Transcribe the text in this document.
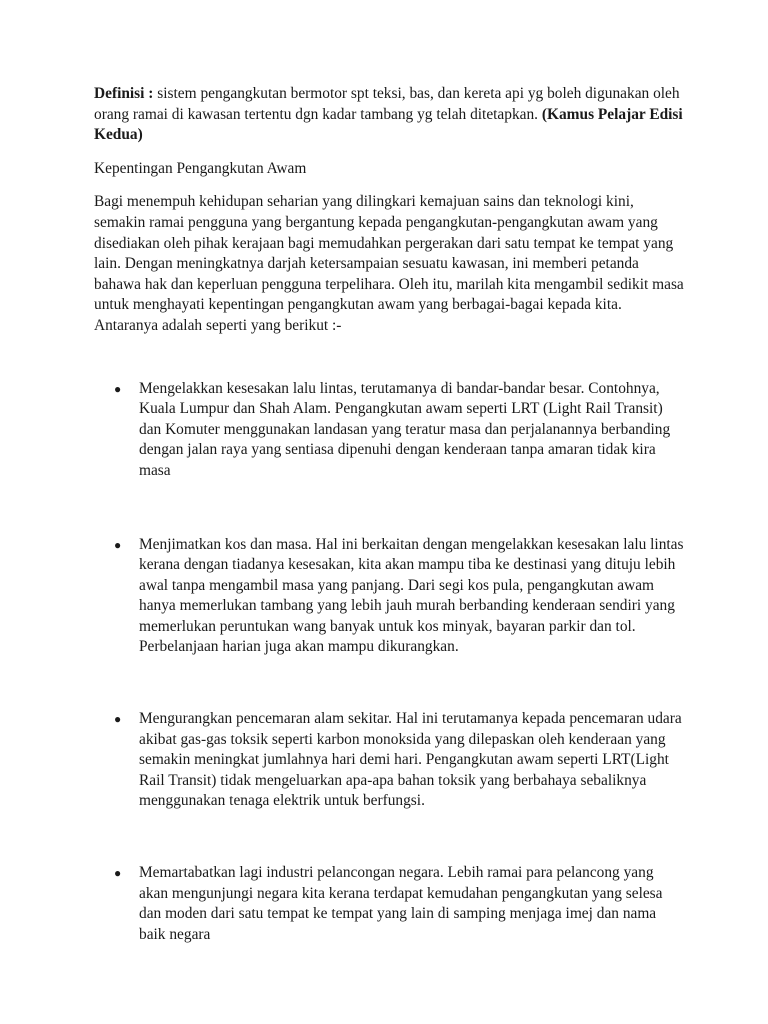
Definisi : sistem pengangkutan bermotor spt teksi, bas, dan kereta api yg boleh digunakan oleh orang ramai di kawasan tertentu dgn kadar tambang yg telah ditetapkan. (Kamus Pelajar Edisi Kedua)

Kepentingan Pengangkutan Awam

Bagi menempuh kehidupan seharian yang dilingkari kemajuan sains dan teknologi kini, semakin ramai pengguna yang bergantung kepada pengangkutan-pengangkutan awam yang disediakan oleh pihak kerajaan bagi memudahkan pergerakan dari satu tempat ke tempat yang lain. Dengan meningkatnya darjah ketersampaian sesuatu kawasan, ini memberi petanda bahawa hak dan keperluan pengguna terpelihara. Oleh itu, marilah kita mengambil sedikit masa untuk menghayati kepentingan pengangkutan awam yang berbagai-bagai kepada kita. Antaranya adalah seperti yang berikut :-

● Mengelakkan kesesakan lalu lintas, terutamanya di bandar-bandar besar. Contohnya, Kuala Lumpur dan Shah Alam. Pengangkutan awam seperti LRT (Light Rail Transit) dan Komuter menggunakan landasan yang teratur masa dan perjalanannya berbanding dengan jalan raya yang sentiasa dipenuhi dengan kenderaan tanpa amaran tidak kira masa
● Menjimatkan kos dan masa. Hal ini berkaitan dengan mengelakkan kesesakan lalu lintas kerana dengan tiadanya kesesakan, kita akan mampu tiba ke destinasi yang dituju lebih awal tanpa mengambil masa yang panjang. Dari segi kos pula, pengangkutan awam hanya memerlukan tambang yang lebih jauh murah berbanding kenderaan sendiri yang memerlukan peruntukan wang banyak untuk kos minyak, bayaran parkir dan tol. Perbelanjaan harian juga akan mampu dikurangkan.
● Mengurangkan pencemaran alam sekitar. Hal ini terutamanya kepada pencemaran udara akibat gas-gas toksik seperti karbon monoksida yang dilepaskan oleh kenderaan yang semakin meningkat jumlahnya hari demi hari. Pengangkutan awam seperti LRT(Light Rail Transit) tidak mengeluarkan apa-apa bahan toksik yang berbahaya sebaliknya menggunakan tenaga elektrik untuk berfungsi.
● Memartabatkan lagi industri pelancongan negara. Lebih ramai para pelancong yang akan mengunjungi negara kita kerana terdapat kemudahan pengangkutan yang selesa dan moden dari satu tempat ke tempat yang lain di samping menjaga imej dan nama baik negara
